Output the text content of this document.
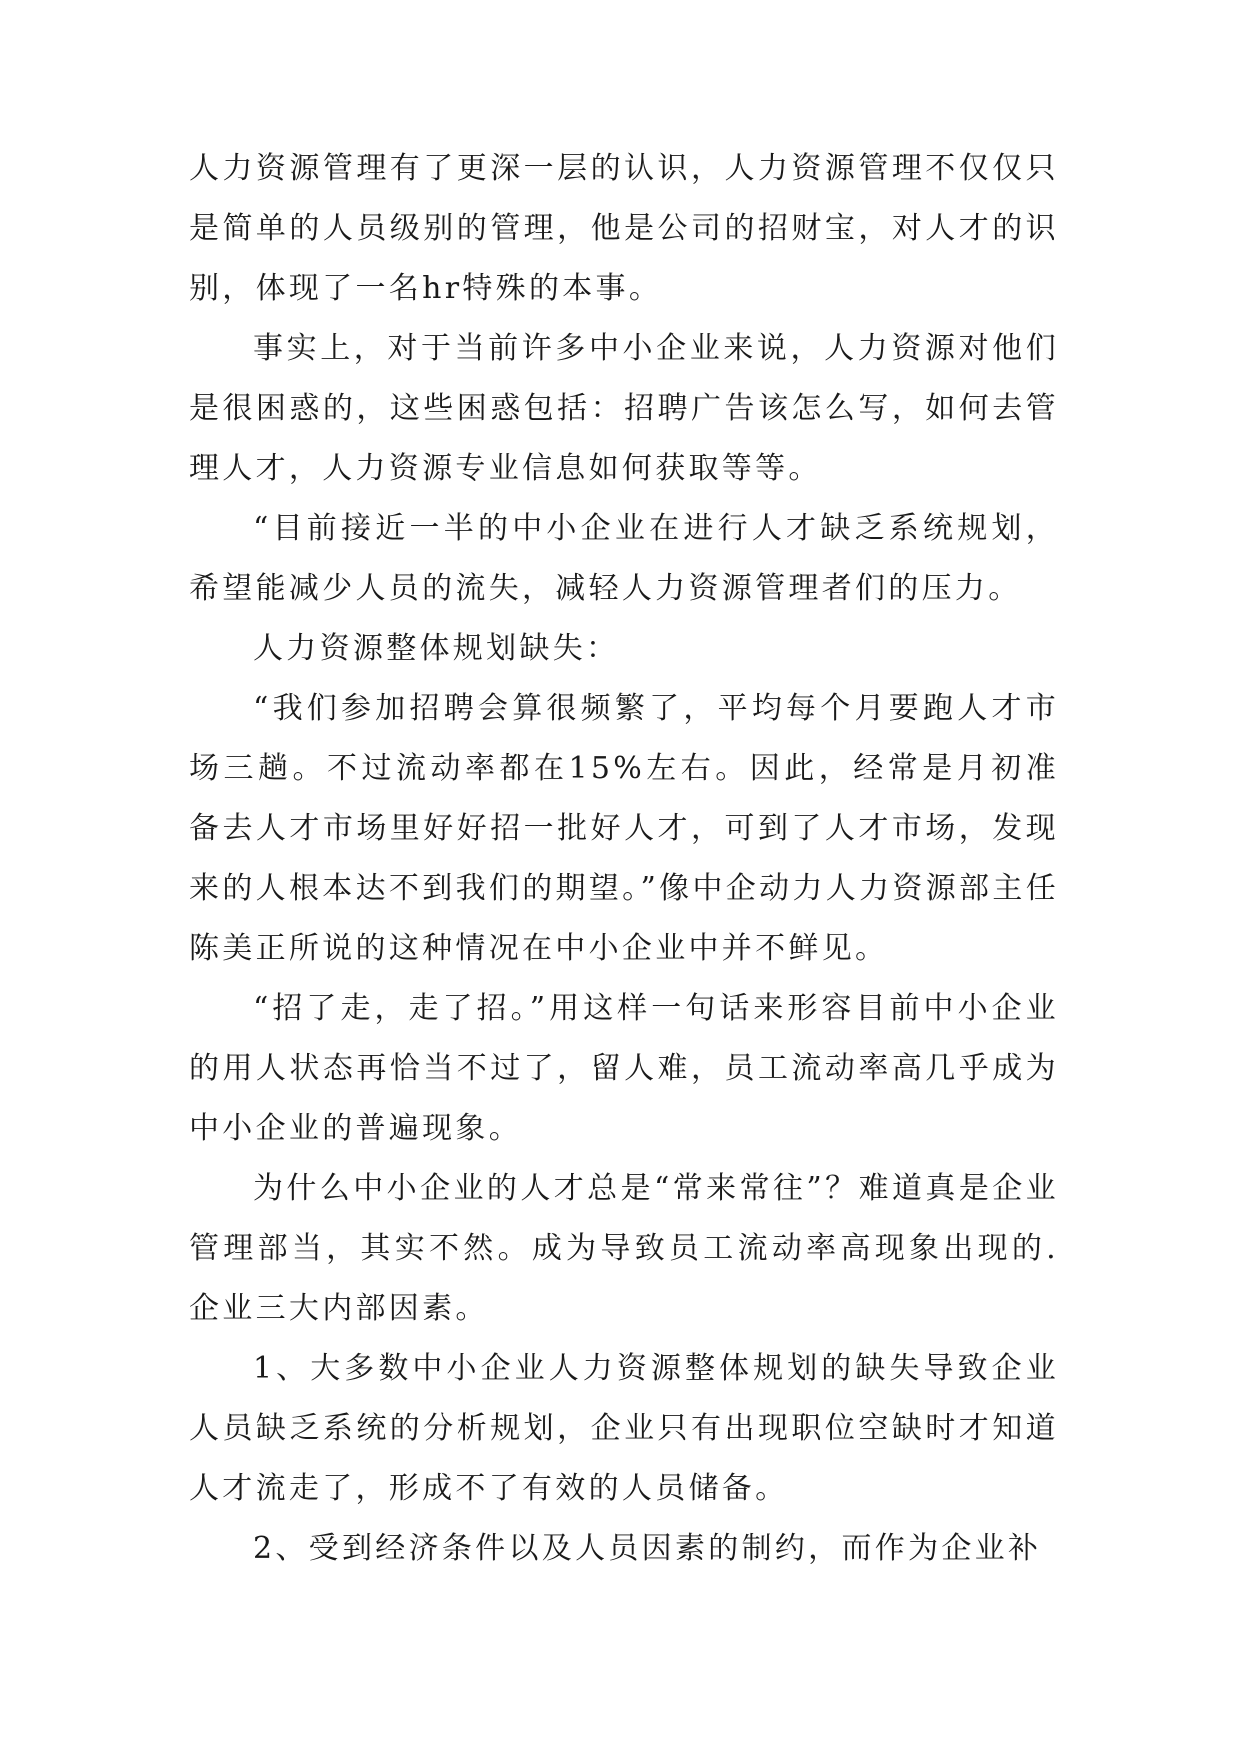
人力资源管理有了更深一层的认识，人力资源管理不仅仅只是简单的人员级别的管理，他是公司的招财宝，对人才的识别，体现了一名hr特殊的本事。

事实上，对于当前许多中小企业来说，人力资源对他们是很困惑的，这些困惑包括：招聘广告该怎么写，如何去管理人才，人力资源专业信息如何获取等等。

“目前接近一半的中小企业在进行人才缺乏系统规划，希望能减少人员的流失，减轻人力资源管理者们的压力。

人力资源整体规划缺失：

“我们参加招聘会算很频繁了，平均每个月要跑人才市场三趟。不过流动率都在15%左右。因此，经常是月初准备去人才市场里好好招一批好人才，可到了人才市场，发现来的人根本达不到我们的期望。”像中企动力人力资源部主任陈美正所说的这种情况在中小企业中并不鲜见。

“招了走，走了招。”用这样一句话来形容目前中小企业的用人状态再恰当不过了，留人难，员工流动率高几乎成为中小企业的普遍现象。

为什么中小企业的人才总是“常来常往”？难道真是企业管理部当，其实不然。成为导致员工流动率高现象出现的.企业三大内部因素。

1、大多数中小企业人力资源整体规划的缺失导致企业人员缺乏系统的分析规划，企业只有出现职位空缺时才知道人才流走了，形成不了有效的人员储备。

2、受到经济条件以及人员因素的制约，而作为企业补
